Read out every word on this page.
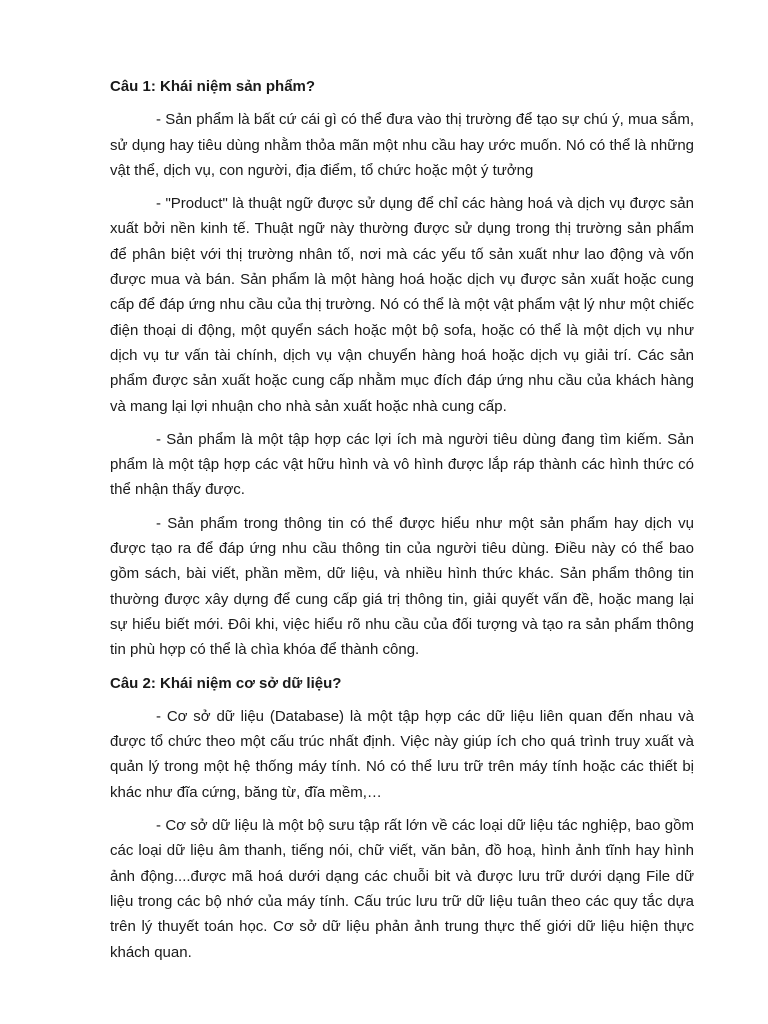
Câu 1: Khái niệm sản phẩm?

- Sản phẩm là bất cứ cái gì có thể đưa vào thị trường để tạo sự chú ý, mua sắm, sử dụng hay tiêu dùng nhằm thỏa mãn một nhu cầu hay ước muốn. Nó có thể là những vật thể, dịch vụ, con người, địa điểm, tổ chức hoặc một ý tưởng

- "Product" là thuật ngữ được sử dụng để chỉ các hàng hoá và dịch vụ được sản xuất bởi nền kinh tế. Thuật ngữ này thường được sử dụng trong thị trường sản phẩm để phân biệt với thị trường nhân tố, nơi mà các yếu tố sản xuất như lao động và vốn được mua và bán. Sản phẩm là một hàng hoá hoặc dịch vụ được sản xuất hoặc cung cấp để đáp ứng nhu cầu của thị trường. Nó có thể là một vật phẩm vật lý như một chiếc điện thoại di động, một quyển sách hoặc một bộ sofa, hoặc có thể là một dịch vụ như dịch vụ tư vấn tài chính, dịch vụ vận chuyển hàng hoá hoặc dịch vụ giải trí. Các sản phẩm được sản xuất hoặc cung cấp nhằm mục đích đáp ứng nhu cầu của khách hàng và mang lại lợi nhuận cho nhà sản xuất hoặc nhà cung cấp.

- Sản phẩm là một tập hợp các lợi ích mà người tiêu dùng đang tìm kiếm. Sản phẩm là một tập hợp các vật hữu hình và vô hình được lắp ráp thành các hình thức có thể nhận thấy được.

- Sản phẩm trong thông tin có thể được hiểu như một sản phẩm hay dịch vụ được tạo ra để đáp ứng nhu cầu thông tin của người tiêu dùng. Điều này có thể bao gồm sách, bài viết, phần mềm, dữ liệu, và nhiều hình thức khác. Sản phẩm thông tin thường được xây dựng để cung cấp giá trị thông tin, giải quyết vấn đề, hoặc mang lại sự hiểu biết mới. Đôi khi, việc hiểu rõ nhu cầu của đối tượng và tạo ra sản phẩm thông tin phù hợp có thể là chìa khóa để thành công.

Câu 2: Khái niệm cơ sở dữ liệu?

- Cơ sở dữ liệu (Database) là một tập hợp các dữ liệu liên quan đến nhau và được tổ chức theo một cấu trúc nhất định. Việc này giúp ích cho quá trình truy xuất và quản lý trong một hệ thống máy tính. Nó có thể lưu trữ trên máy tính hoặc các thiết bị khác như đĩa cứng, băng từ, đĩa mềm,…

- Cơ sở dữ liệu là một bộ sưu tập rất lớn về các loại dữ liệu tác nghiệp, bao gồm các loại dữ liệu âm thanh, tiếng nói, chữ viết, văn bản, đồ hoạ, hình ảnh tĩnh hay hình ảnh động....được mã hoá dưới dạng các chuỗi bit và được lưu trữ dưới dạng File dữ liệu trong các bộ nhớ của máy tính. Cấu trúc lưu trữ dữ liệu tuân theo các quy tắc dựa trên lý thuyết toán học. Cơ sở dữ liệu phản ảnh trung thực thế giới dữ liệu hiện thực khách quan.
